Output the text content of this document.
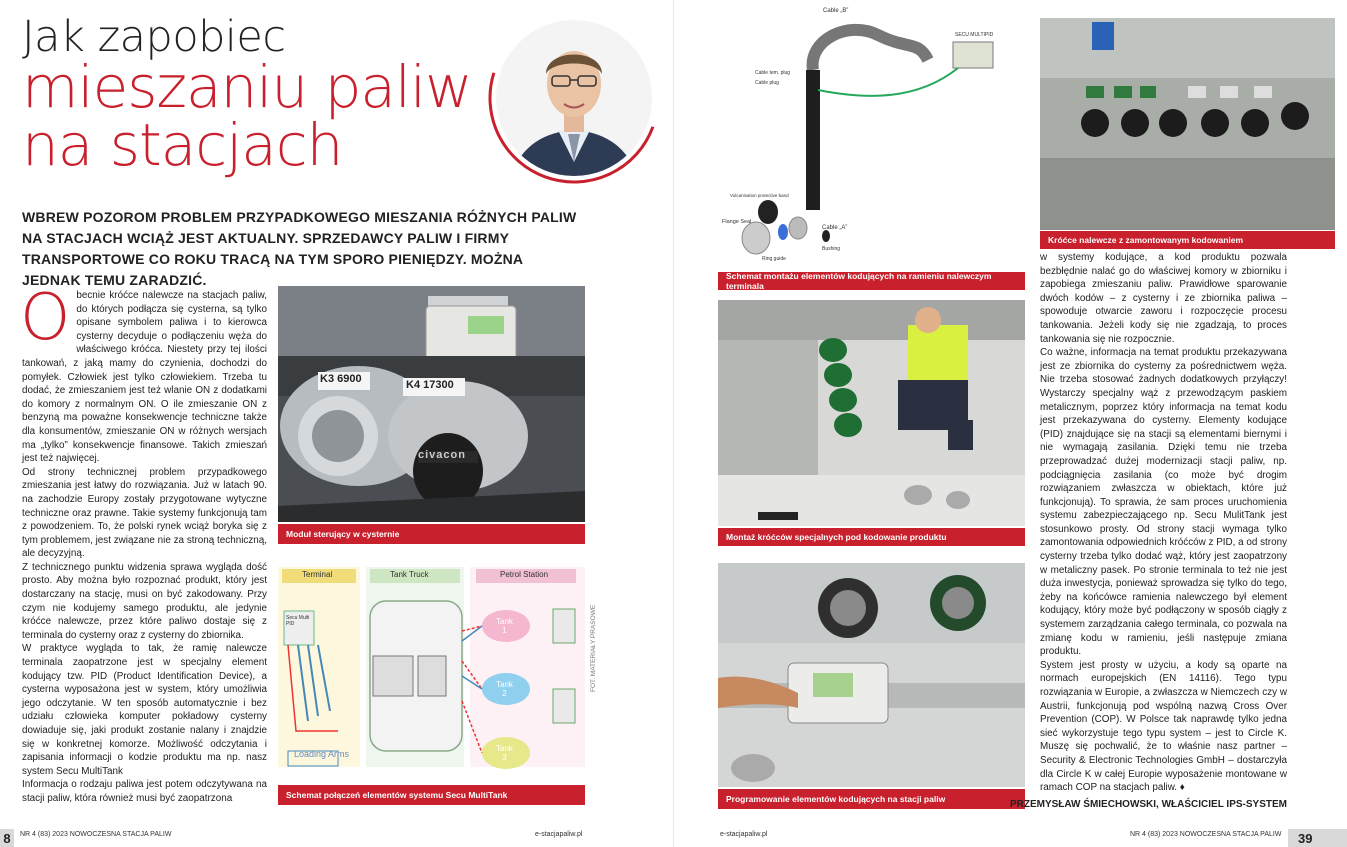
Jak zapobiec
mieszaniu paliw
na stacjach
WBREW POZOROM PROBLEM PRZYPADKOWEGO MIESZANIA RÓŻNYCH PALIW NA STACJACH WCIĄŻ JEST AKTUALNY. SPRZEDAWCY PALIW I FIRMY TRANSPORTOWE CO ROKU TRACĄ NA TYM SPORO PIENIĘDZY. MOŻNA JEDNAK TEMU ZARADZIĆ.
O becnie króćce nalewcze na stacjach paliw, do których podłącza się cysterna, są tylko opisane symbolem paliwa i to kierowca cysterny decyduje o podłączeniu węża do właściwego króćca. Niestety przy tej ilości tankowań, z jaką mamy do czynienia, dochodzi do pomyłek. Człowiek jest tylko człowiekiem. Trzeba tu dodać, że zmieszaniem jest też wlanie ON z dodatkami do komory z normalnym ON. O ile zmieszanie ON z benzyną ma poważne konsekwencje techniczne także dla konsumentów, zmieszanie ON w różnych wersjach ma „tylko” konsekwencje finansowe. Takich zmieszań jest też najwięcej.

Od strony technicznej problem przypadkowego zmieszania jest łatwy do rozwiązania. Już w latach 90. na zachodzie Europy zostały przygotowane wytyczne techniczne oraz prawne. Takie systemy funkcjonują tam z powodzeniem. To, że polski rynek wciąż boryka się z tym problemem, jest związane nie za stroną techniczną, ale decyzyjną.

Z technicznego punktu widzenia sprawa wygląda dość prosto. Aby można było rozpoznać produkt, który jest dostarczany na stację, musi on być zakodowany. Przy czym nie kodujemy samego produktu, ale jedynie króćce nalewcze, przez które paliwo dostaje się z terminala do cysterny oraz z cysterny do zbiornika.

W praktyce wygląda to tak, że ramię nalewcze terminala zaopatrzone jest w specjalny element kodujący tzw. PID (Product Identification Device), a cysterna wyposażona jest w system, który umożliwia jego odczytanie. W ten sposób automatycznie i bez udziału człowieka komputer pokładowy cysterny dowiaduje się, jaki produkt zostanie nalany i znajdzie się w konkretnej komorze. Możliwość odczytania i zapisania informacji o kodzie produktu ma np. nasz system Secu MultiTank

Informacja o rodzaju paliwa jest potem odczytywana na stacji paliw, która również musi być zaopatrzona

K3 6900	K4 17300
civacon
Moduł sterujący w cysternie
Terminal	Tank Truck	Petrol Station
Secu Multi PID
Loading Arms
Tank
1
Tank
2
Tank
3
Schemat połączeń elementów systemu Secu MultiTank
FOT. MATERIAŁY PRASOWE
Cable „B”
SECU MULTIPID
Cable tem. plug
Cable plug
Vulcanisation protective band
Flange Seal
Cable „A”
Ring guide
Bushing
Schemat montażu elementów kodujących na ramieniu nalewczym terminala
Montaż króćców specjalnych pod kodowanie produktu
Programowanie elementów kodujących na stacji paliw
Króćce nalewcze z zamontowanym kodowaniem

w systemy kodujące, a kod produktu pozwala bezbłędnie nalać go do właściwej komory w zbiorniku i zapobiega zmieszaniu paliw. Prawidłowe sparowanie dwóch kodów – z cysterny i ze zbiornika paliwa – spowoduje otwarcie zaworu i rozpoczęcie procesu tankowania. Jeżeli kody się nie zgadzają, to proces tankowania się nie rozpocznie.

Co ważne, informacja na temat produktu przekazywana jest ze zbiornika do cysterny za pośrednictwem węża. Nie trzeba stosować żadnych dodatkowych przyłączy! Wystarczy specjalny wąż z przewodzącym paskiem metalicznym, poprzez który informacja na temat kodu jest przekazywana do cysterny. Elementy kodujące (PID) znajdujące się na stacji są elementami biernymi i nie wymagają zasilania. Dzięki temu nie trzeba przeprowadzać dużej modernizacji stacji paliw, np. podciągnięcia zasilania (co może być drogim rozwiązaniem zwłaszcza w obiektach, które już funkcjonują). To sprawia, że sam proces uruchomienia systemu zabezpieczającego np. Secu MulitTank jest stosunkowo prosty. Od strony stacji wymaga tylko zamontowania odpowiednich króćców z PID, a od strony cysterny trzeba tylko dodać wąż, który jest zaopatrzony w metaliczny pasek. Po stronie terminala to też nie jest duża inwestycja, ponieważ sprowadza się tylko do tego, żeby na końcówce ramienia nalewczego był element kodujący, który może być podłączony w sposób ciągły z systemem zarządzania całego terminala, co pozwala na zmianę kodu w ramieniu, jeśli następuje zmiana produktu.

System jest prosty w użyciu, a kody są oparte na normach europejskich (EN 14116). Tego typu rozwiązania w Europie, a zwłaszcza w Niemczech czy w Austrii, funkcjonują pod wspólną nazwą Cross Over Prevention (COP). W Polsce tak naprawdę tylko jedna sieć wykorzystuje tego typu system – jest to Circle K. Muszę się pochwalić, że to właśnie nasz partner – Security & Electronic Technologies GmbH – dostarczyła dla Circle K w całej Europie wyposażenie montowane w ramach COP na stacjach paliw. ♦

PRZEMYSŁAW ŚMIECHOWSKI, WŁAŚCICIEL IPS-SYSTEM
8	NR 4 (83) 2023 NOWOCZESNA STACJA PALIW	e-stacjapaliw.pl	e-stacjapaliw.pl	NR 4 (83) 2023 NOWOCZESNA STACJA PALIW	39
